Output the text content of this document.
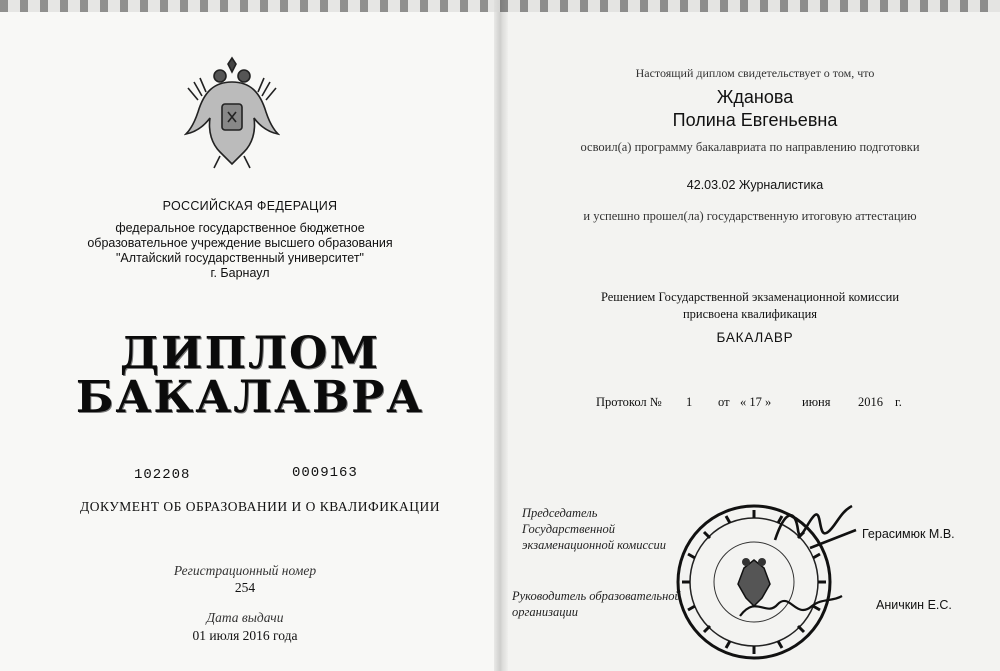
РОССИЙСКАЯ ФЕДЕРАЦИЯ
федеральное государственное бюджетное
образовательное учреждение высшего образования
"Алтайский государственный университет"
г. Барнаул
ДИПЛОМ
БАКАЛАВРА
102208	0009163
ДОКУМЕНТ ОБ ОБРАЗОВАНИИ И О КВАЛИФИКАЦИИ
Регистрационный номер
254
Дата выдачи
01 июля 2016 года
Настоящий диплом свидетельствует о том, что
Жданова
Полина Евгеньевна
освоил(а) программу бакалавриата по направлению подготовки
42.03.02 Журналистика
и успешно прошел(ла) государственную итоговую аттестацию
Решением Государственной экзаменационной комиссии
присвоена квалификация
БАКАЛАВР
Протокол № 1 от « 17 » июня 2016 г.
Председатель
Государственной
экзаменационной комиссии
Герасимюк М.В.
Руководитель образовательной
организации	Аничкин Е.С.
